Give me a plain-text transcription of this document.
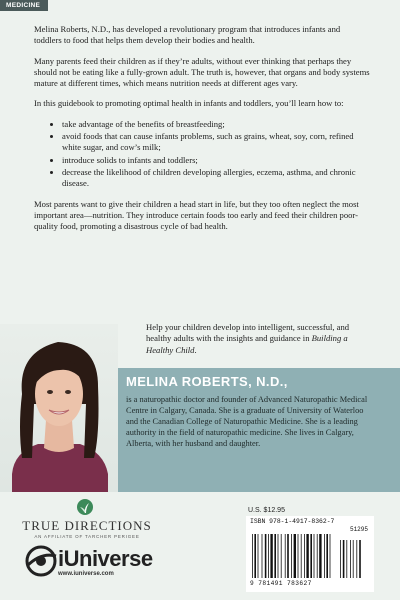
MEDICINE

Melina Roberts, N.D., has developed a revolutionary program that introduces infants and toddlers to food that helps them develop their bodies and health.

Many parents feed their children as if they’re adults, without ever thinking that perhaps they should not be eating like a fully-grown adult. The truth is, however, that organs and body systems mature at different times, which means nutrition needs at different ages vary.

In this guidebook to promoting optimal health in infants and toddlers, you’ll learn how to:

• take advantage of the benefits of breastfeeding;
• avoid foods that can cause infants problems, such as grains, wheat, soy, corn, refined white sugar, and cow’s milk;
• introduce solids to infants and toddlers;
• decrease the likelihood of children developing allergies, eczema, asthma, and chronic disease.

Most parents want to give their children a head start in life, but they too often neglect the most important area—nutrition. They introduce certain foods too early and feed their children poor-quality food, promoting a disastrous cycle of bad health.

Help your children develop into intelligent, successful, and healthy adults with the insights and guidance in Building a Healthy Child.
MELINA ROBERTS, N.D.,
is a naturopathic doctor and founder of Advanced Naturopathic Medical Centre in Calgary, Canada. She is a graduate of University of Waterloo and the Canadian College of Naturopathic Medicine. She is a leading authority in the field of naturopathic medicine. She lives in Calgary, Alberta, with her husband and daughter.
TRUE DIRECTIONS
AN AFFILIATE OF TARCHER PERIGEE
iUniverse
www.iuniverse.com
U.S. $12.95
ISBN 978-1-4917-8362-7
51295
9 781491 783627
